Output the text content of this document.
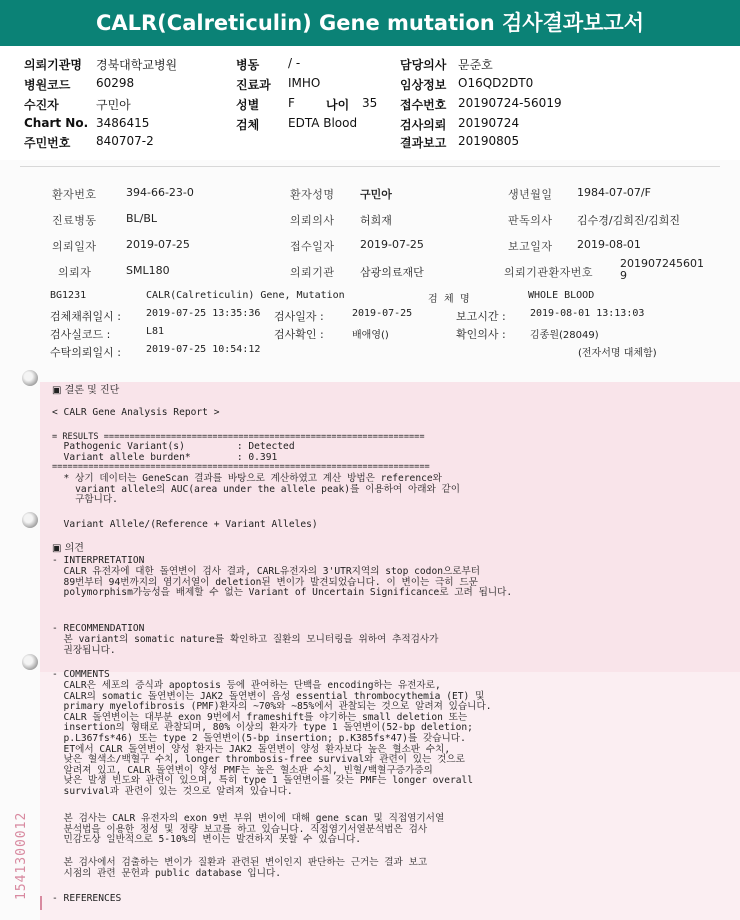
CALR(Calreticulin) Gene mutation 검사결과보고서
의뢰기관명 경북대학교병원
병원코드 60298
수진자	구민아
Chart No. 3486415
주민번호 840707-2
병동 / -
진료과 IMHO
성별 F	나이 35
검체 EDTA Blood
담당의사 문준호
임상정보 O16QD2DT0
접수번호 20190724-56019
검사의뢰 20190724
결과보고 20190805
환자번호	394-66-23-0	환자성명 구민아	생년월일 1984-07-07/F
진료병동	BL/BL	의뢰의사 허희재	판독의사 김수경/김희진/김희진
의뢰일자	2019-07-25	접수일자 2019-07-25	보고일자 2019-08-01
의뢰자	SML180	의뢰기관 삼광의료재단	의뢰기관환자번호
201907245601
9
BG1231	CALR(Calreticulin) Gene, Mutation	검  체  명	WHOLE BLOOD
검체채취일시 :	2019-07-25 13:35:36 검사일자 :	2019-07-25	보고시간 : 2019-08-01 13:13:03
검사실코드 :	L81	검사확인 :	배애영()	확인의사 : 김종원(28049)
수탁의뢰일시 :	2019-07-25 10:54:12	(전자서명 대체함)
▣ 결론 및 진단
< CALR Gene Analysis Report >
= RESULTS ==============================================================
Pathogenic Variant(s)         : Detected
Variant allele burden*        : 0.391
=========================================================================
* 상기 데이터는 GeneScan 결과를 바탕으로 계산하였고 계산 방법은 reference와
variant allele의 AUC(area under the allele peak)를 이용하여 아래와 같이
구함니다.
Variant Allele/(Reference + Variant Alleles)
▣ 의견
- INTERPRETATION
CALR 유전자에 대한 돌연변이 검사 결과, CARL유전자의 3'UTR지역의 stop codon으로부터
89번부터 94번까지의 염기서열이 deletion된 변이가 발견되었습니다. 이 변이는 극히 드문
polymorphism가능성을 배제할 수 없는 Variant of Uncertain Significance로 고려 됩니다.
- RECOMMENDATION
본 variant의 somatic nature를 확인하고 질환의 모니터링을 위하여 추적검사가
권장됩니다.
- COMMENTS
CALR은 세포의 증식과 apoptosis 등에 관여하는 단백을 encoding하는 유전자로,
CALR의 somatic 돌연변이는 JAK2 돌연변이 음성 essential thrombocythemia (ET) 및
primary myelofibrosis (PMF)환자의 ~70%와 ~85%에서 관찰되는 것으로 알려져 있습니다.
CALR 돌연변이는 대부분 exon 9번에서 frameshift를 야기하는 small deletion 또는
insertion의 형태로 관찰되며, 80% 이상의 환자가 type 1 돌연변이(52-bp deletion;
p.L367fs*46) 또는 type 2 돌연변이(5-bp insertion; p.K385fs*47)를 갖습니다.
ET에서 CALR 돌연변이 양성 환자는 JAK2 돌연변이 양성 환자보다 높은 혈소판 수치,
낮은 혈색소/백혈구 수치, longer thrombosis-free survival와 관련이 있는 것으로
알려져 있고, CALR 돌연변이 양성 PMF는 높은 혈소판 수치, 빈혈/백혈구증가증의
낮은 발생 빈도와 관련이 있으며, 특히 type 1 돌연변이를 갖는 PMF는 longer overall
survival과 관련이 있는 것으로 알려져 있습니다.
본 검사는 CALR 유전자의 exon 9번 부위 변이에 대해 gene scan 및 직접염기서열
분석법을 이용한 정성 및 정량 보고를 하고 있습니다. 직접염기서열분석법은 검사
민감도상 일반적으로 5-10%의 변이는 발견하지 못할 수 있습니다.
본 검사에서 검출하는 변이가 질환과 관련된 변이인지 판단하는 근거는 결과 보고
시점의 관련 문헌과 public database 입니다.
- REFERENCES
1541300012
